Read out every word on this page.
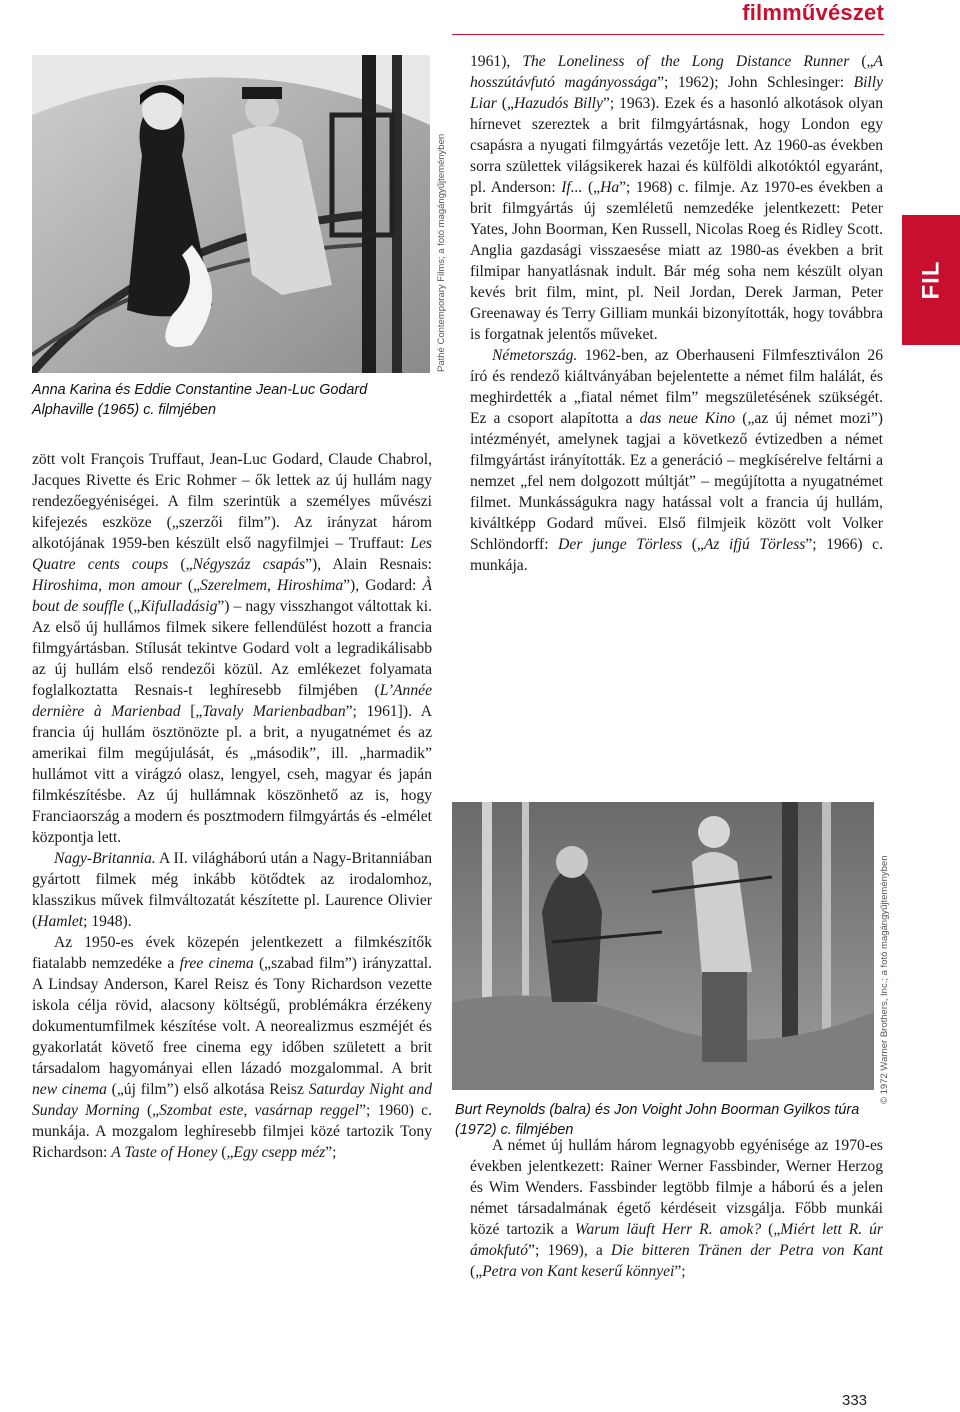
filmművészet
FIL
Pathé Contemporary Films; a fotó magángyűjteményben
Anna Karina és Eddie Constantine Jean-Luc Godard Alphaville (1965) c. filmjében

zött volt François Truffaut, Jean-Luc Godard, Claude Chabrol, Jacques Rivette és Eric Rohmer – ők lettek az új hullám nagy rendezőegyéniségei. A film szerintük a személyes művészi kifejezés eszköze („szerzői film”). Az irányzat három alkotójának 1959-ben készült első nagyfilmjei – Truffaut: Les Quatre cents coups („Négyszáz csapás”), Alain Resnais: Hiroshima, mon amour („Szerelmem, Hiroshima”), Godard: À bout de souffle („Kifulladásig”) – nagy visszhangot váltottak ki. Az első új hullámos filmek sikere fellendülést hozott a francia filmgyártásban. Stílusát tekintve Godard volt a legradikálisabb az új hullám első rendezői közül. Az emlékezet folyamata foglalkoztatta Resnais-t leghíresebb filmjében (L’Année dernière à Marienbad [„Tavaly Marienbadban”; 1961]). A francia új hullám ösztönözte pl. a brit, a nyugatnémet és az amerikai film megújulását, és „második”, ill. „harmadik” hullámot vitt a virágzó olasz, lengyel, cseh, magyar és japán filmkészítésbe. Az új hullámnak köszönhető az is, hogy Franciaország a modern és posztmodern filmgyártás és -elmélet központja lett.

Nagy-Britannia. A II. világháború után a Nagy-Britanniában gyártott filmek még inkább kötődtek az irodalomhoz, klasszikus művek filmváltozatát készítette pl. Laurence Olivier (Hamlet; 1948).

Az 1950-es évek közepén jelentkezett a filmkészítők fiatalabb nemzedéke a free cinema („szabad film”) irányzattal. A Lindsay Anderson, Karel Reisz és Tony Richardson vezette iskola célja rövid, alacsony költségű, problémákra érzékeny dokumentumfilmek készítése volt. A neorealizmus eszméjét és gyakorlatát követő free cinema egy időben született a brit társadalom hagyományai ellen lázadó mozgalommal. A brit new cinema („új film”) első alkotása Reisz Saturday Night and Sunday Morning („Szombat este, vasárnap reggel”; 1960) c. munkája. A mozgalom leghíresebb filmjei közé tartozik Tony Richardson: A Taste of Honey („Egy csepp méz”;

1961), The Loneliness of the Long Distance Runner („A hosszútávfutó magányossága”; 1962); John Schlesinger: Billy Liar („Hazudós Billy”; 1963). Ezek és a hasonló alkotások olyan hírnevet szereztek a brit filmgyártásnak, hogy London egy csapásra a nyugati filmgyártás vezetője lett. Az 1960-as években sorra születtek világsikerek hazai és külföldi alkotóktól egyaránt, pl. Anderson: If... („Ha”; 1968) c. filmje. Az 1970-es években a brit filmgyártás új szemléletű nemzedéke jelentkezett: Peter Yates, John Boorman, Ken Russell, Nicolas Roeg és Ridley Scott. Anglia gazdasági visszaesése miatt az 1980-as években a brit filmipar hanyatlásnak indult. Bár még soha nem készült olyan kevés brit film, mint, pl. Neil Jordan, Derek Jarman, Peter Greenaway és Terry Gilliam munkái bizonyították, hogy továbbra is forgatnak jelentős műveket.

Németország. 1962-ben, az Oberhauseni Filmfesztiválon 26 író és rendező kiáltványában bejelentette a német film halálát, és meghirdették a „fiatal német film” megszületésének szükségét. Ez a csoport alapította a das neue Kino („az új német mozi”) intézményét, amelynek tagjai a következő évtizedben a német filmgyártást irányították. Ez a generáció – megkísérelve feltárni a nemzet „fel nem dolgozott múltját” – megújította a nyugatnémet filmet. Munkásságukra nagy hatással volt a francia új hullám, kiváltképp Godard művei. Első filmjeik között volt Volker Schlöndorff: Der junge Törless („Az ifjú Törless”; 1966) c. munkája.

© 1972 Warner Brothers, Inc.; a fotó magángyűjteményben
Burt Reynolds (balra) és Jon Voight John Boorman Gyilkos túra (1972) c. filmjében

A német új hullám három legnagyobb egyénisége az 1970-es években jelentkezett: Rainer Werner Fassbinder, Werner Herzog és Wim Wenders. Fassbinder legtöbb filmje a háború és a jelen német társadalmának égető kérdéseit vizsgálja. Főbb munkái közé tartozik a Warum läuft Herr R. amok? („Miért lett R. úr ámokfutó”; 1969), a Die bitteren Tränen der Petra von Kant („Petra von Kant keserű könnyei”;

333
